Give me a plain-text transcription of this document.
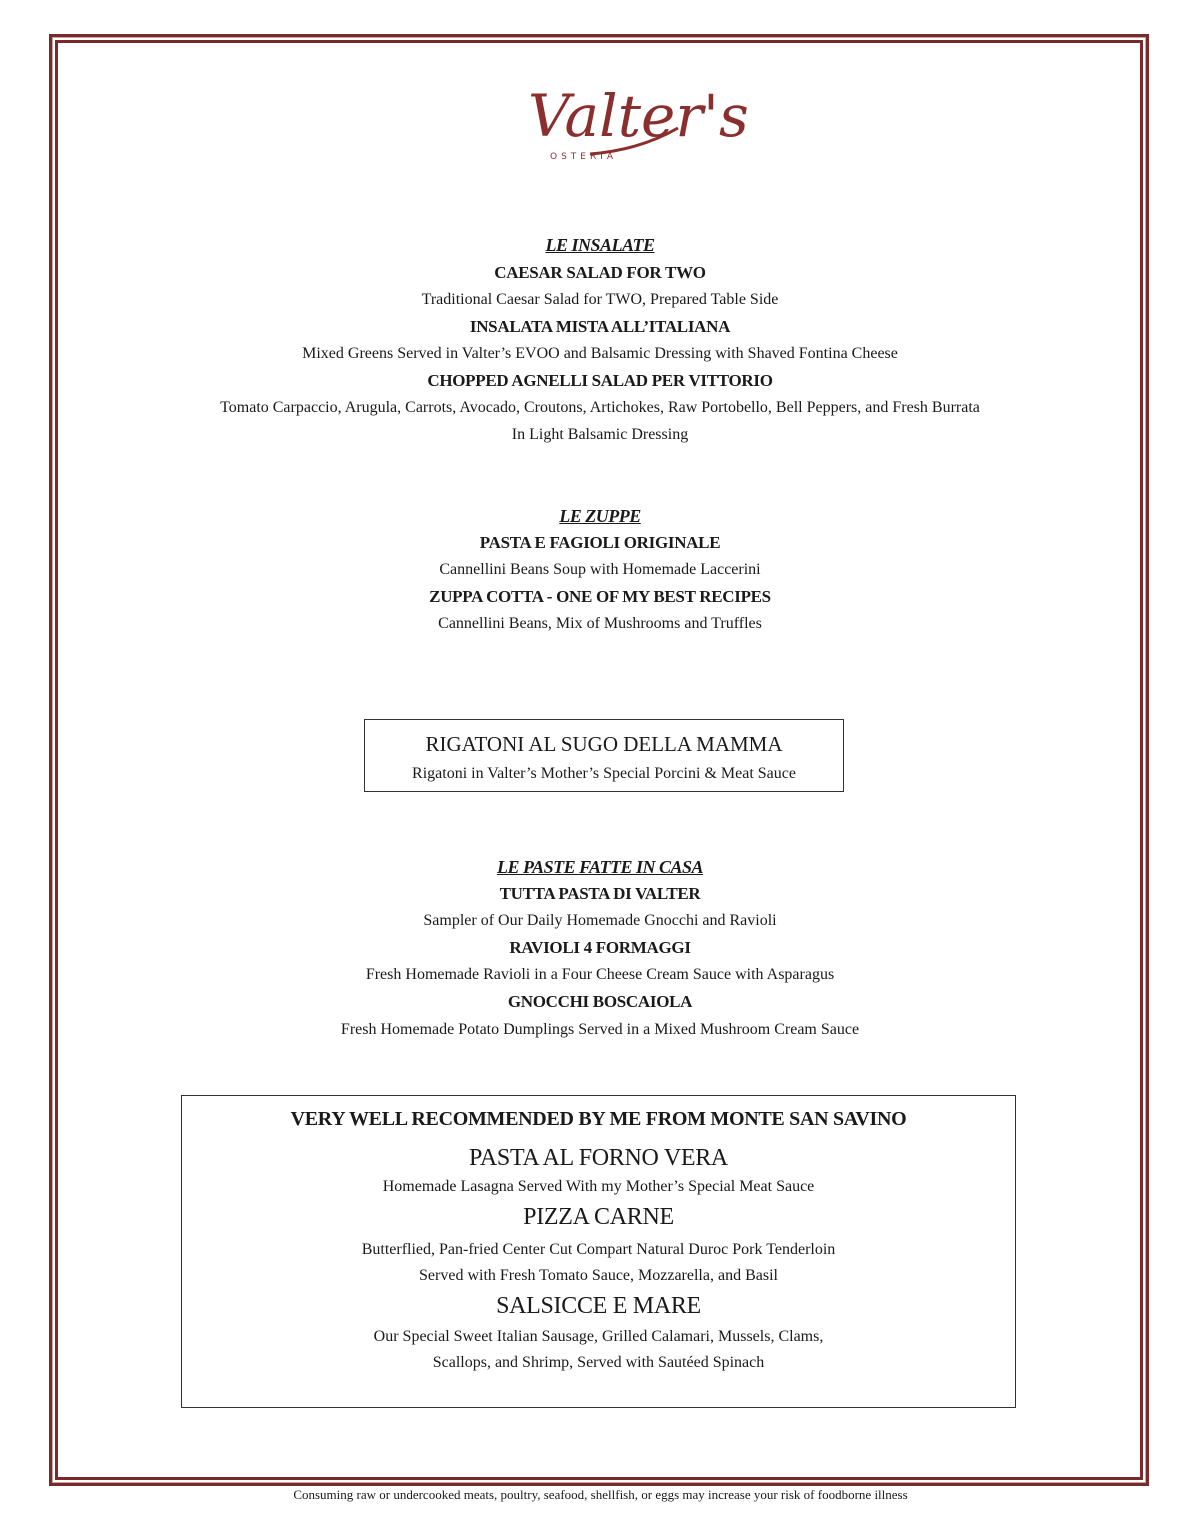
Valter's
OSTERIA
LE INSALATE
CAESAR SALAD FOR TWO
Traditional Caesar Salad for TWO, Prepared Table Side
INSALATA MISTA ALL’ITALIANA
Mixed Greens Served in Valter’s EVOO and Balsamic Dressing with Shaved Fontina Cheese
CHOPPED AGNELLI SALAD PER VITTORIO
Tomato Carpaccio, Arugula, Carrots, Avocado, Croutons, Artichokes, Raw Portobello, Bell Peppers, and Fresh Burrata
In Light Balsamic Dressing
LE ZUPPE
PASTA E FAGIOLI ORIGINALE
Cannellini Beans Soup with Homemade Laccerini
ZUPPA COTTA - ONE OF MY BEST RECIPES
Cannellini Beans, Mix of Mushrooms and Truffles
RIGATONI AL SUGO DELLA MAMMA
Rigatoni in Valter’s Mother’s Special Porcini & Meat Sauce
LE PASTE FATTE IN CASA
TUTTA PASTA DI VALTER
Sampler of Our Daily Homemade Gnocchi and Ravioli
RAVIOLI 4 FORMAGGI
Fresh Homemade Ravioli in a Four Cheese Cream Sauce with Asparagus
GNOCCHI BOSCAIOLA
Fresh Homemade Potato Dumplings Served in a Mixed Mushroom Cream Sauce
VERY WELL RECOMMENDED BY ME FROM MONTE SAN SAVINO
PASTA AL FORNO VERA
Homemade Lasagna Served With my Mother’s Special Meat Sauce
PIZZA CARNE
Butterflied, Pan-fried Center Cut Compart Natural Duroc Pork Tenderloin
Served with Fresh Tomato Sauce, Mozzarella, and Basil
SALSICCE E MARE
Our Special Sweet Italian Sausage, Grilled Calamari, Mussels, Clams,
Scallops, and Shrimp, Served with Sautéed Spinach
Consuming raw or undercooked meats, poultry, seafood, shellfish, or eggs may increase your risk of foodborne illness
